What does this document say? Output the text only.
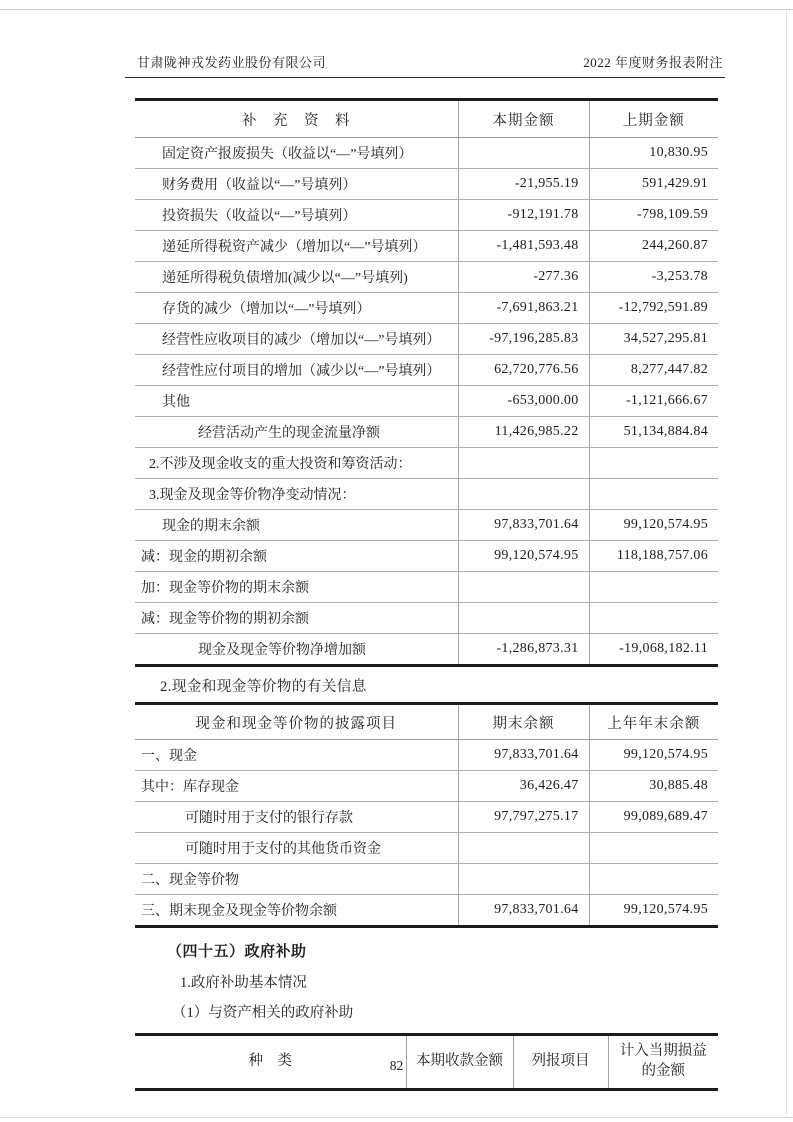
甘肃陇神戎发药业股份有限公司	2022 年度财务报表附注
补　充　资　料	本期金额	上期金额
固定资产报废损失（收益以“—”号填列）		10,830.95
财务费用（收益以“—”号填列）	-21,955.19	591,429.91
投资损失（收益以“—”号填列）	-912,191.78	-798,109.59
递延所得税资产减少（增加以“—”号填列）	-1,481,593.48	244,260.87
递延所得税负债增加(减少以“—”号填列)	-277.36	-3,253.78
存货的减少（增加以“—”号填列）	-7,691,863.21	-12,792,591.89
经营性应收项目的减少（增加以“—”号填列）	-97,196,285.83	34,527,295.81
经营性应付项目的增加（减少以“—”号填列）	62,720,776.56	8,277,447.82
其他	-653,000.00	-1,121,666.67
经营活动产生的现金流量净额	11,426,985.22	51,134,884.84
2.不涉及现金收支的重大投资和筹资活动：		
3.现金及现金等价物净变动情况：		
现金的期末余额	97,833,701.64	99,120,574.95
减：现金的期初余额	99,120,574.95	118,188,757.06
加：现金等价物的期末余额		
减：现金等价物的期初余额		
现金及现金等价物净增加额	-1,286,873.31	-19,068,182.11
2.现金和现金等价物的有关信息
现金和现金等价物的披露项目	期末余额	上年年末余额
一、现金	97,833,701.64	99,120,574.95
其中：库存现金	36,426.47	30,885.48
可随时用于支付的银行存款	97,797,275.17	99,089,689.47
可随时用于支付的其他货币资金		
二、现金等价物		
三、期末现金及现金等价物余额	97,833,701.64	99,120,574.95
（四十五）政府补助
1.政府补助基本情况
（1）与资产相关的政府补助
种　类	本期收款金额	列报项目	计入当期损益 的金额
82
